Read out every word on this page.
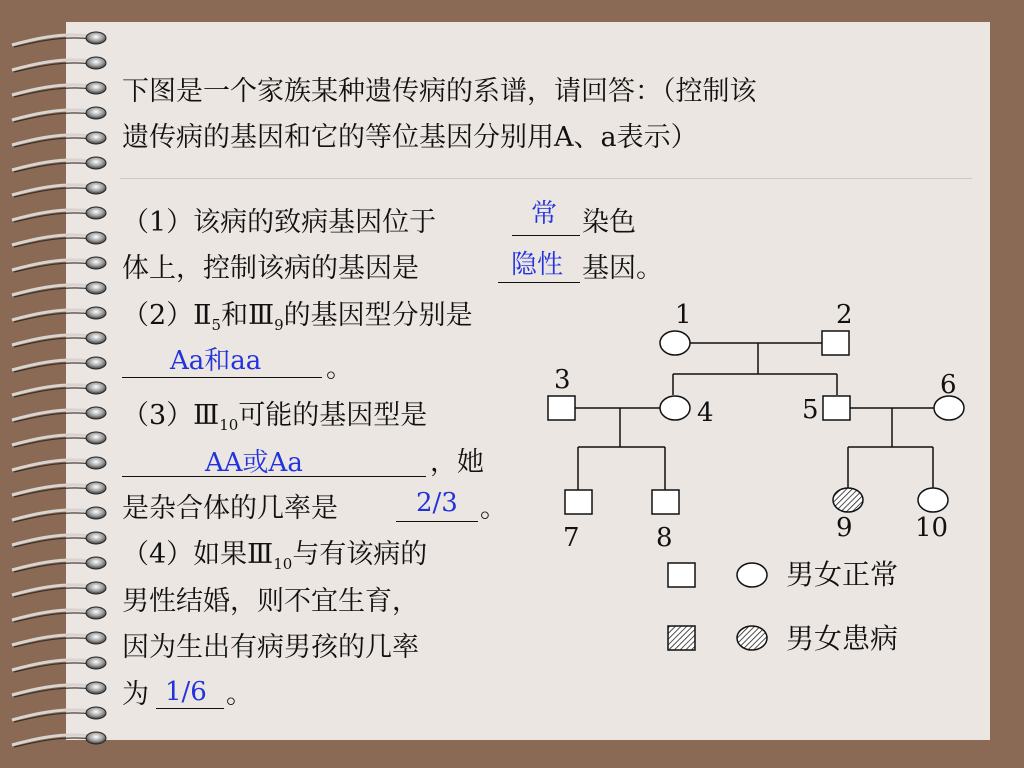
下图是一个家族某种遗传病的系谱，请回答：（控制该
遗传病的基因和它的等位基因分别用A、a表示）
（1）该病的致病基因位于	常 染色
体上，控制该病的基因是	隐性 基因。
$(2)Ⅱ_5$和$Ⅲ_9$的基因型分别是
Aa和aa 。
$(3)Ⅲ_{10}$可能的基因型是
AA或Aa	，她
是杂合体的几率是	2/3 。
（4）如果$Ⅲ_{10}$与有该病的
男性结婚，则不宜生育，
因为生出有病男孩的几率
为 1/6 。
1	2
3
4	5
6
7	8	9 10
男女正常
男女患病
